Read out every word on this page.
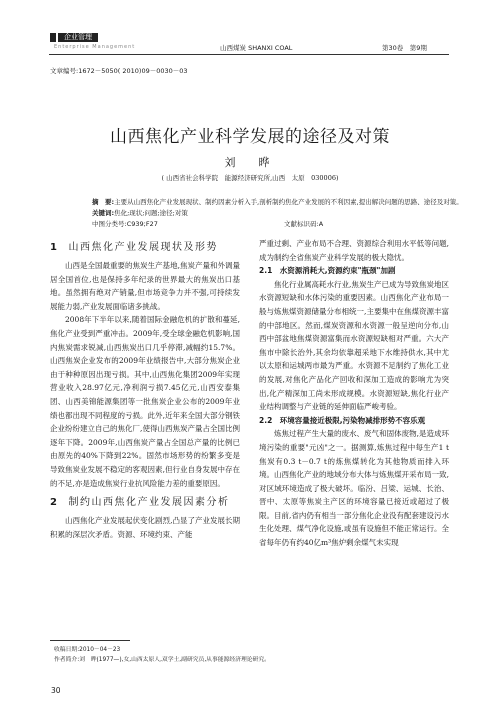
企业管理
Enterprise Management	山西煤炭 SHANXI COAL	第30卷　第9期
文章编号:1672－5050( 2010)09－0030－03
山西焦化产业科学发展的途径及对策
刘　晔
( 山西省社会科学院　能源经济研究所,山西　太原　030006)
摘　要:主要从山西焦化产业发展现状、制约因素分析入手,剖析制约焦化产业发展的不利因素,提出解决问题的思路、途径及对策。
关键词:焦化;现状;问题;途径;对策
中图分类号:C939;F27	文献标识码:A
1 山西焦化产业发展现状及形势

山西是全国最重要的焦炭生产基地,焦炭产量和外调量居全国首位,也是保持多年纪录的世界最大的焦炭出口基地。虽然拥有绝对产销量,但市场竞争力并不强,可持续发展能力弱,产业发展面临诸多挑战。

2008年下半年以来,随着国际金融危机的扩散和蔓延,焦化产业受到严重冲击。2009年,受全球金融危机影响,国内焦炭需求锐减,山西焦炭出口几乎停滞,减幅约15.7%。山西焦炭企业发布的2009年业绩报告中,大部分焦炭企业由于种种原因出现亏损。其中,山西焦化集团2009年实现营业收入28.97亿元,净利润亏损7.45亿元,山西安泰集团、山西美锦能源集团等一批焦炭企业公布的2009年业绩也都出现不同程度的亏损。此外,近年来全国大部分钢铁企业纷纷建立自己的焦化厂,使得山西焦炭产量占全国比例逐年下降。2009年,山西焦炭产量占全国总产量的比例已由原先的40%下降到22%。固然市场形势的纷繁多变是导致焦炭业发展不稳定的客观因素,但行业自身发展中存在的不足,亦是造成焦炭行业抗风险能力差的重要原因。

2 制约山西焦化产业发展因素分析

山西焦化产业发展起伏变化剧烈,凸显了产业发展长期积累的深层次矛盾。资源、环境约束、产能

严重过剩、产业布局不合理、资源综合利用水平低等问题,成为制约全省焦炭产业科学发展的极大隐忧。

2.1　水资源消耗大,资源约束"瓶颈"加剧

焦化行业属高耗水行业,焦炭生产已成为导致焦炭地区水资源短缺和水体污染的重要因素。山西焦化产业布局一般与炼焦煤资源储量分布相统一,主要集中在焦煤资源丰富的中部地区。然而,煤炭资源和水资源一般呈逆向分布,山西中部盆地焦煤资源富集而水资源短缺相对严重。六大产焦市中除长治外,其余均依靠超采地下水维持供水,其中尤以太原和运城两市最为严重。水资源不足制约了焦化工业的发展,对焦化产品化产回收和深加工造成的影响尤为突出,化产精深加工尚未形成规模。水资源短缺,焦化行业产业结构调整与产业链的延伸面临严峻考验。

2.2　环境容量接近极限,污染物减排形势不容乐观

炼焦过程产生大量的废水、废气和固体废物,是造成环境污染的重要"元凶"之一。据测算,炼焦过程中每生产1 t焦炭有0.3 t－0.7 t的炼焦煤转化为其他物质而排入环境。山西焦化产业的地域分布大体与炼焦煤开采布局一致,对区域环境造成了极大破坏。临汾、吕梁、运城、长治、晋中、太原等焦炭主产区的环境容量已接近或超过了极限。目前,省内仍有相当一部分焦化企业没有配套建设污水生化处理、煤气净化设施,或虽有设施但不能正常运行。全省每年仍有约40亿m³焦炉剩余煤气未实现

收稿日期:2010－04－23
作者简介:刘　晔(1977—),女,山西太原人,双学士,副研究员,从事能源经济理论研究。
30
